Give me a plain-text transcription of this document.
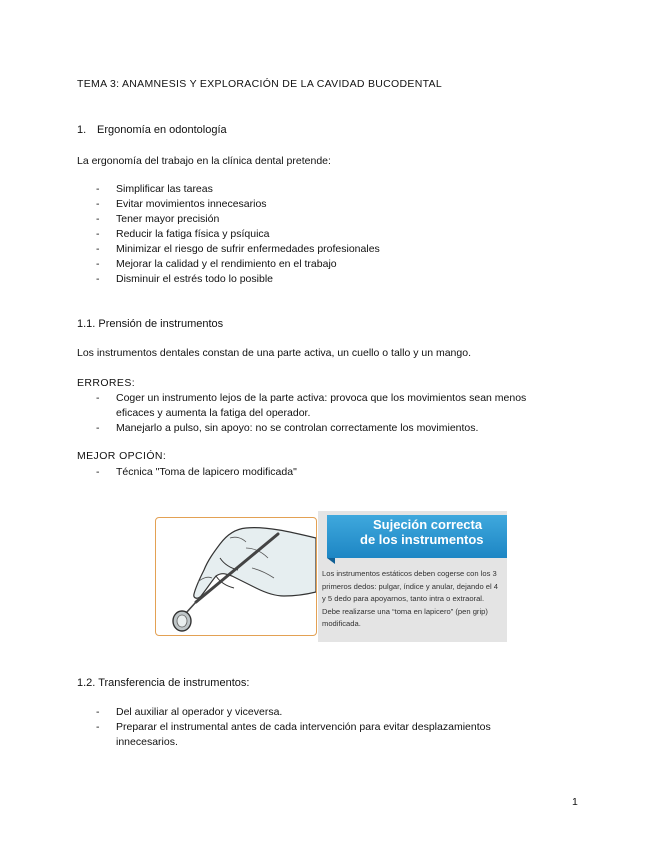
TEMA 3: ANAMNESIS Y EXPLORACIÓN DE LA CAVIDAD BUCODENTAL
1. Ergonomía en odontología
La ergonomía del trabajo en la clínica dental pretende:
- Simplificar las tareas
- Evitar movimientos innecesarios
- Tener mayor precisión
- Reducir la fatiga física y psíquica
- Minimizar el riesgo de sufrir enfermedades profesionales
- Mejorar la calidad y el rendimiento en el trabajo
- Disminuir el estrés todo lo posible
1.1. Prensión de instrumentos
Los instrumentos dentales constan de una parte activa, un cuello o tallo y un mango.
ERRORES:
- Coger un instrumento lejos de la parte activa: provoca que los movimientos sean menos eficaces y aumenta la fatiga del operador.
- Manejarlo a pulso, sin apoyo: no se controlan correctamente los movimientos.
MEJOR OPCIÓN:
- Técnica "Toma de lapicero modificada"
Sujeción correcta
de los instrumentos
Los instrumentos estáticos deben cogerse con los 3 primeros dedos: pulgar, índice y anular, dejando el 4 y 5 dedo para apoyarnos, tanto intra o extraoral. Debe realizarse una “toma en lapicero” (pen grip) modificada.
1.2. Transferencia de instrumentos:
- Del auxiliar al operador y viceversa.
- Preparar el instrumental antes de cada intervención para evitar desplazamientos innecesarios.
1
